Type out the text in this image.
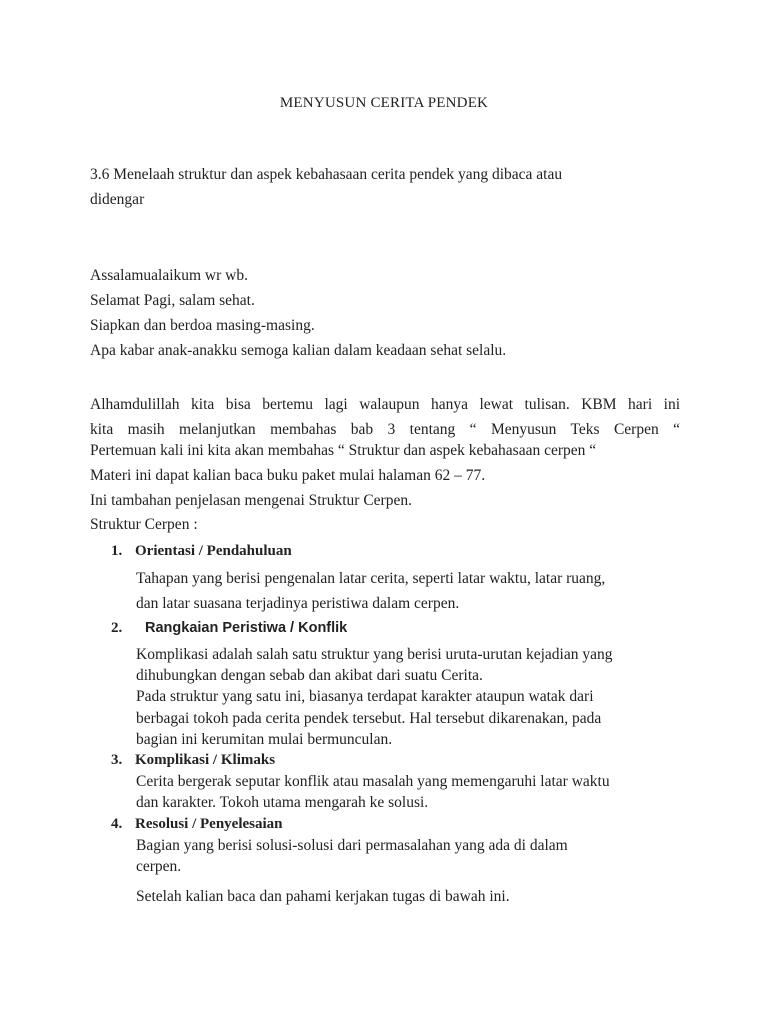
MENYUSUN CERITA PENDEK
3.6 Menelaah struktur dan aspek kebahasaan cerita pendek yang dibaca atau
didengar
Assalamualaikum wr wb.
Selamat Pagi, salam sehat.
Siapkan dan berdoa masing-masing.
Apa kabar anak-anakku semoga kalian dalam keadaan sehat selalu.
Alhamdulillah kita bisa bertemu lagi walaupun hanya lewat tulisan. KBM hari ini
kita masih melanjutkan membahas bab 3 tentang “ Menyusun Teks Cerpen “
Pertemuan kali ini kita akan membahas “ Struktur dan aspek kebahasaan cerpen “
Materi ini dapat kalian baca buku paket mulai halaman 62 – 77.
Ini tambahan penjelasan mengenai Struktur Cerpen.
Struktur Cerpen :
1. Orientasi / Pendahuluan
Tahapan yang berisi pengenalan latar cerita, seperti latar waktu, latar ruang,
dan latar suasana terjadinya peristiwa dalam cerpen.
2. Rangkaian Peristiwa / Konflik
Komplikasi adalah salah satu struktur yang berisi uruta-urutan kejadian yang
dihubungkan dengan sebab dan akibat dari suatu Cerita.
Pada struktur yang satu ini, biasanya terdapat karakter ataupun watak dari
berbagai tokoh pada cerita pendek tersebut. Hal tersebut dikarenakan, pada
bagian ini kerumitan mulai bermunculan.
3. Komplikasi / Klimaks
Cerita bergerak seputar konflik atau masalah yang memengaruhi latar waktu
dan karakter. Tokoh utama mengarah ke solusi.
4. Resolusi / Penyelesaian
Bagian yang berisi solusi-solusi dari permasalahan yang ada di dalam
cerpen.
Setelah kalian baca dan pahami kerjakan tugas di bawah ini.
